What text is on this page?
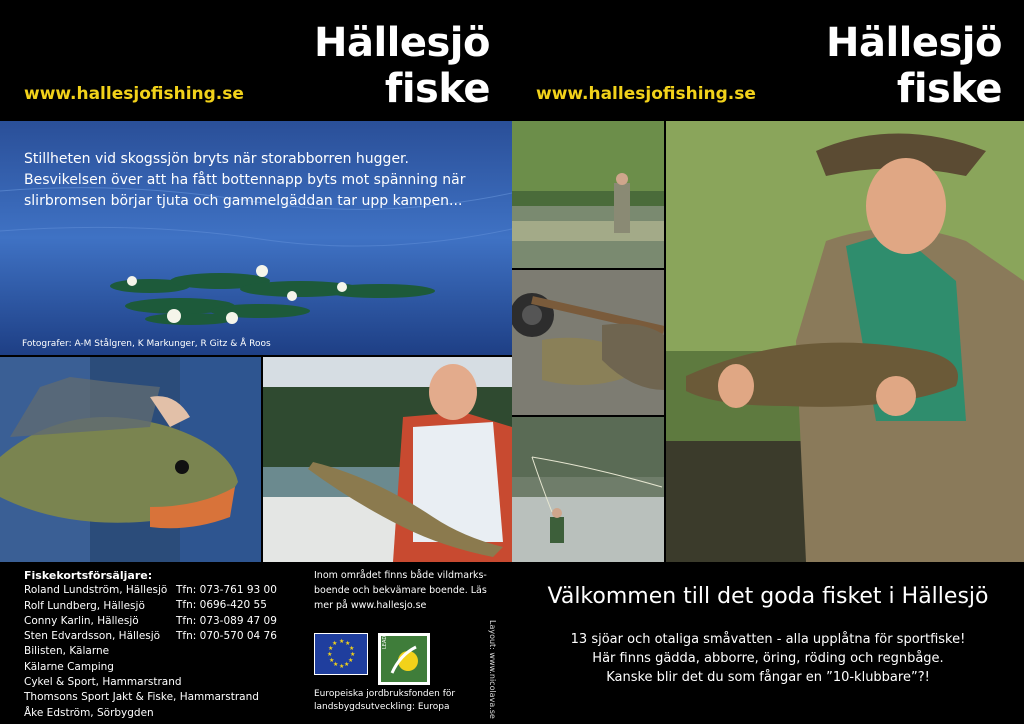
Hällesjö
fiske
www.hallesjofishing.se
Stillheten vid skogssjön bryts när storabborren hugger. Besvikelsen över att ha fått bottennapp byts mot spänning när slirbromsen börjar tjuta och gammelgäddan tar upp kampen...
Fotografer: A-M Stålgren, K Markunger, R Gitz & Å Roos
Fiskekortsförsäljare:
Roland Lundström, Hällesjö
Rolf Lundberg, Hällesjö
Conny Karlin, Hällesjö
Sten Edvardsson, Hällesjö
Bilisten, Kälarne
Kälarne Camping
Cykel & Sport, Hammarstrand
Thomsons Sport Jakt & Fiske, Hammarstrand
Åke Edström, Sörbygden
Tfn: 073-761 93 00
Tfn: 0696-420 55
Tfn: 073-089 47 09
Tfn: 070-570 04 76
Inom området finns både vildmarks-boende och bekvämare boende. Läs mer på www.hallesjo.se
★ ★
★
★
★
★
★
★
★
★
★
★	LEADER
Europeiska jordbruksfonden för
landsbygdsutveckling: Europa	Layout: www.nicolava.se
Hällesjö
fiske
www.hallesjofishing.se
Välkommen till det goda fisket i Hällesjö
13 sjöar och otaliga småvatten - alla upplåtna för sportfiske!
Här finns gädda, abborre, öring, röding och regnbåge.
Kanske blir det du som fångar en ”10-klubbare”?!
